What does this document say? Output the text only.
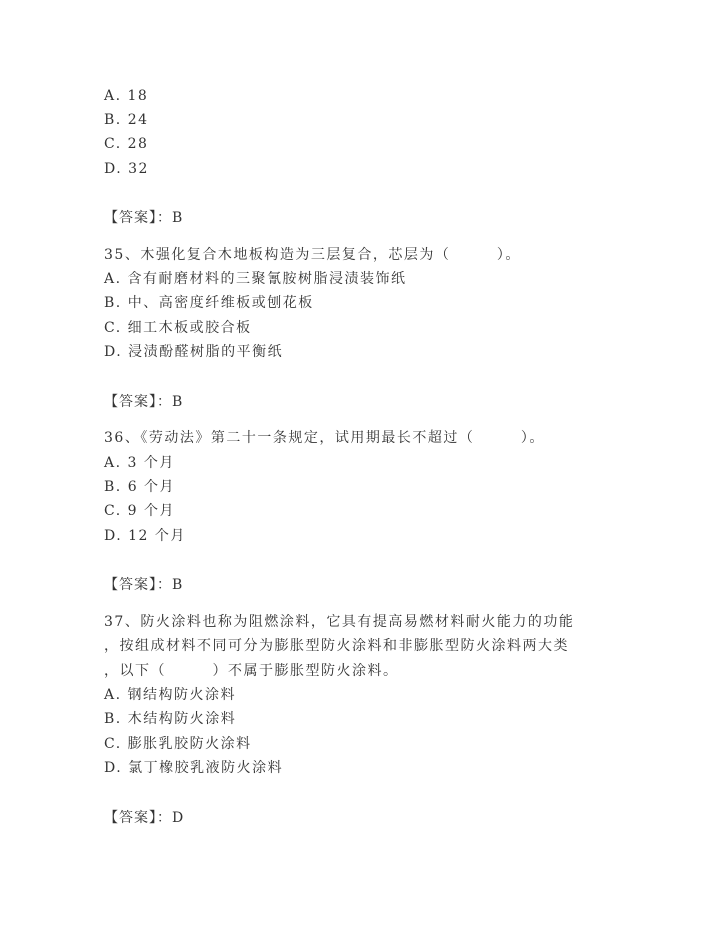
A. 18
B. 24
C. 28
D. 32
【答案】：B
35、木强化复合木地板构造为三层复合，芯层为（　　　）。
A. 含有耐磨材料的三聚氰胺树脂浸渍装饰纸
B. 中、高密度纤维板或刨花板
C. 细工木板或胶合板
D. 浸渍酚醛树脂的平衡纸
【答案】：B
36、《劳动法》第二十一条规定，试用期最长不超过（　　　）。
A. 3 个月
B. 6 个月
C. 9 个月
D. 12 个月
【答案】：B
37、防火涂料也称为阻燃涂料，它具有提高易燃材料耐火能力的功能
，按组成材料不同可分为膨胀型防火涂料和非膨胀型防火涂料两大类
，以下（　　　）不属于膨胀型防火涂料。
A. 钢结构防火涂料
B. 木结构防火涂料
C. 膨胀乳胶防火涂料
D. 氯丁橡胶乳液防火涂料
【答案】：D
